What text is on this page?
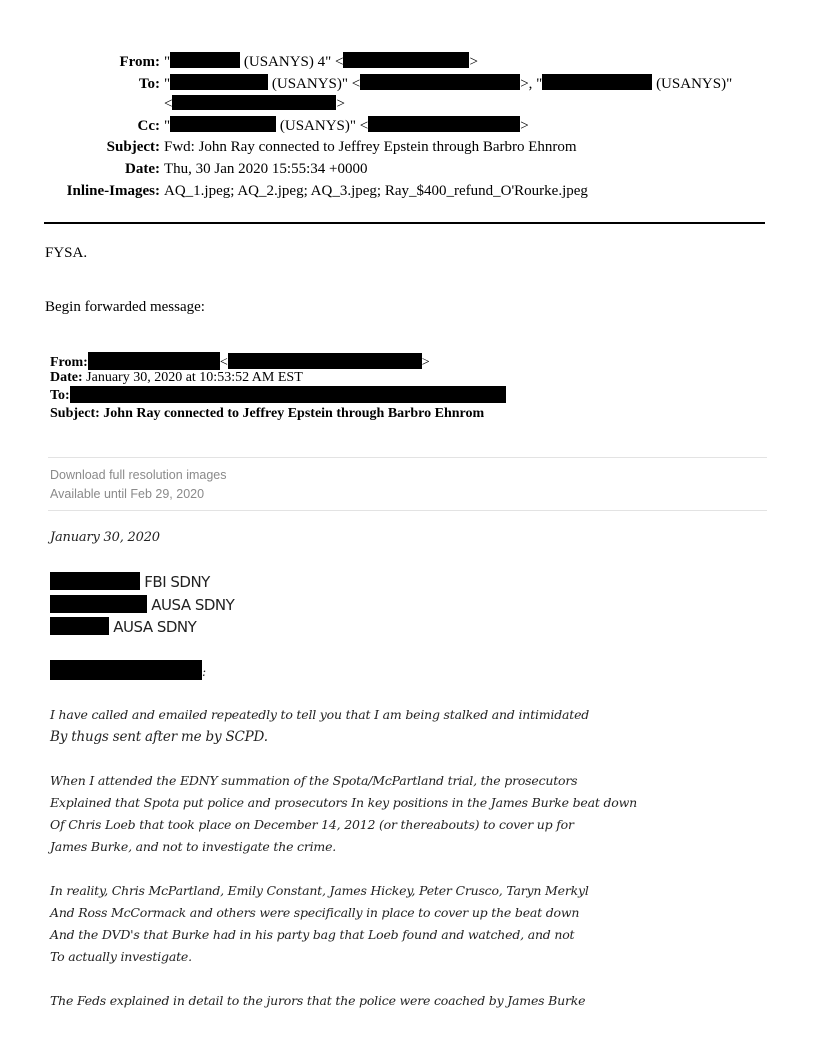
From: "	(USANYS) 4" <	>
To: "	(USANYS)" <	>, "	(USANYS)"
<	>
Cc: "	(USANYS)" <	>
Subject: Fwd: John Ray connected to Jeffrey Epstein through Barbro Ehnrom
Date: Thu, 30 Jan 2020 15:55:34 +0000
Inline-Images: AQ_1.jpeg; AQ_2.jpeg; AQ_3.jpeg; Ray_$400_refund_O'Rourke.jpeg
FYSA.
Begin forwarded message:
From:	<	>
Date: January 30, 2020 at 10:53:52 AM EST
To:
Subject: John Ray connected to Jeffrey Epstein through Barbro Ehnrom
Download full resolution images
Available until Feb 29, 2020
January 30, 2020
FBI SDNY
AUSA SDNY
AUSA SDNY
:
I have called and emailed repeatedly to tell you that I am being stalked and intimidated
By thugs sent after me by SCPD.
When I attended the EDNY summation of the Spota/McPartland trial, the prosecutors
Explained that Spota put police and prosecutors In key positions in the James Burke beat down
Of Chris Loeb that took place on December 14, 2012 (or thereabouts) to cover up for
James Burke, and not to investigate the crime.
In reality, Chris McPartland, Emily Constant, James Hickey, Peter Crusco, Taryn Merkyl
And Ross McCormack and others were specifically in place to cover up the beat down
And the DVD's that Burke had in his party bag that Loeb found and watched, and not
To actually investigate.
The Feds explained in detail to the jurors that the police were coached by James Burke
